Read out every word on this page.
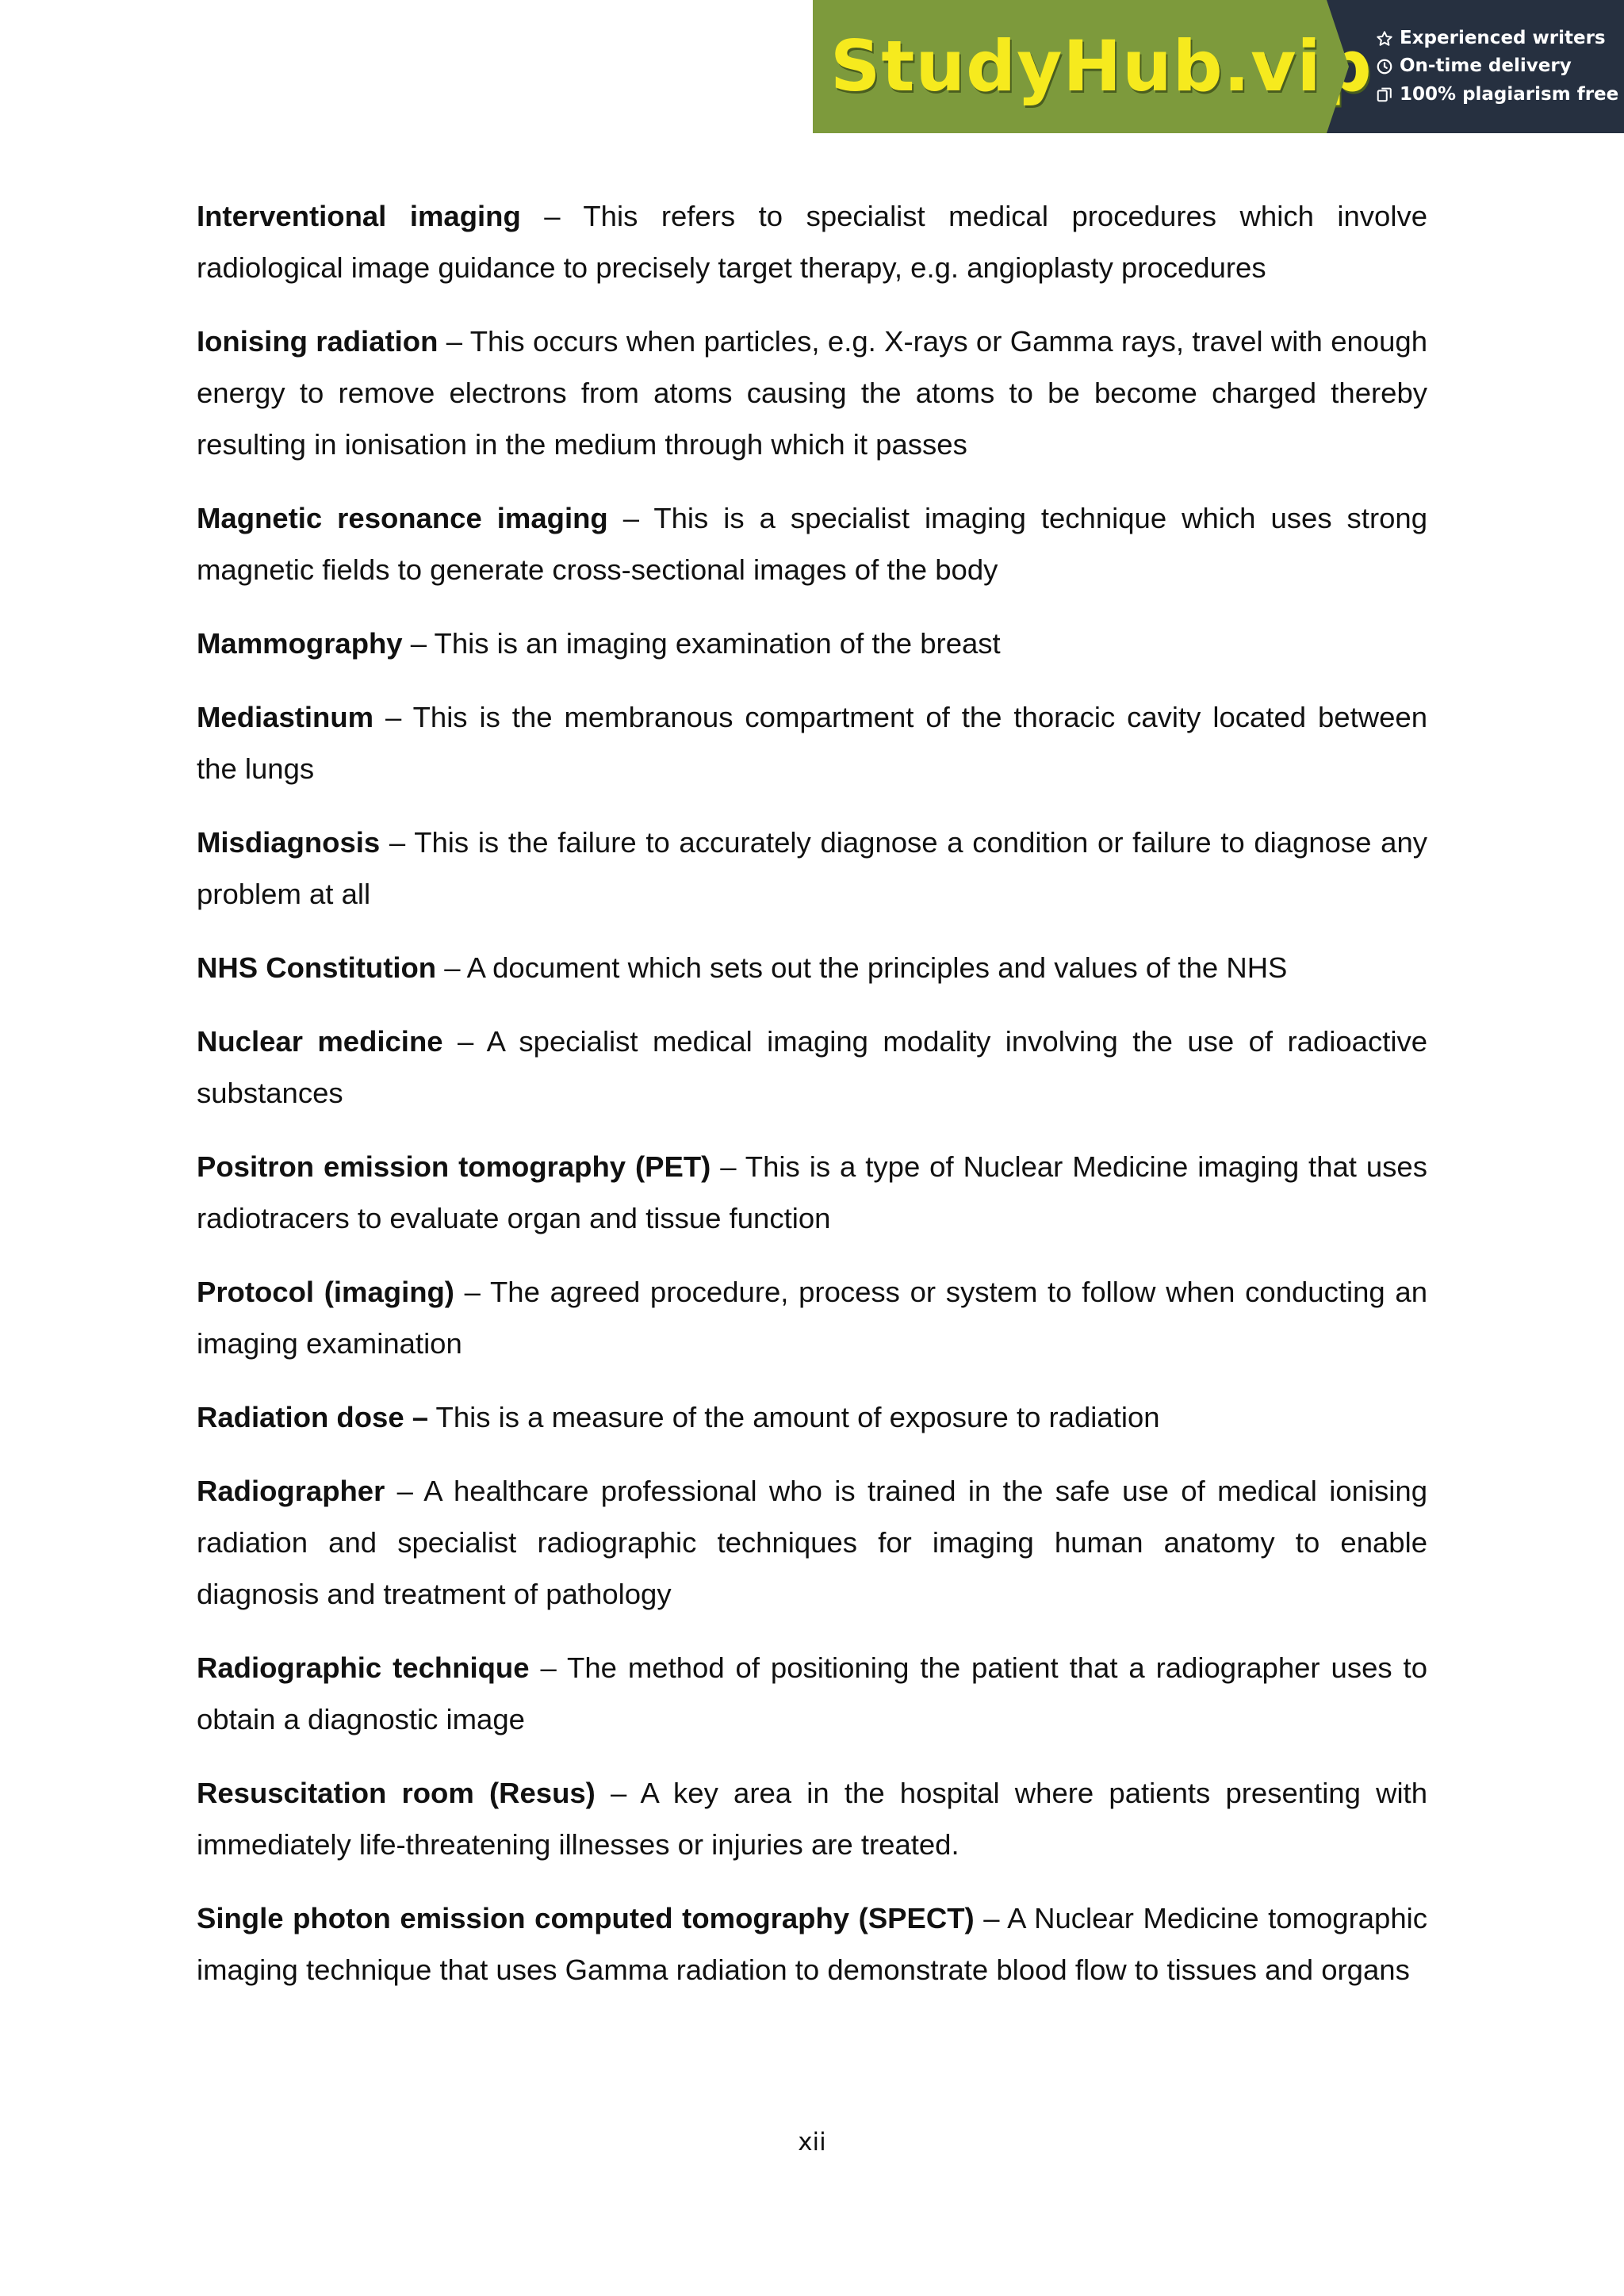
StudyHub.vip Experienced writers
On-time delivery
100% plagiarism free

Interventional imaging – This refers to specialist medical procedures which involve radiological image guidance to precisely target therapy, e.g. angioplasty procedures

Ionising radiation – This occurs when particles, e.g. X-rays or Gamma rays, travel with enough energy to remove electrons from atoms causing the atoms to be become charged thereby resulting in ionisation in the medium through which it passes

Magnetic resonance imaging – This is a specialist imaging technique which uses strong magnetic fields to generate cross-sectional images of the body

Mammography – This is an imaging examination of the breast

Mediastinum – This is the membranous compartment of the thoracic cavity located between the lungs

Misdiagnosis – This is the failure to accurately diagnose a condition or failure to diagnose any problem at all

NHS Constitution – A document which sets out the principles and values of the NHS

Nuclear medicine – A specialist medical imaging modality involving the use of radioactive substances

Positron emission tomography (PET) – This is a type of Nuclear Medicine imaging that uses radiotracers to evaluate organ and tissue function

Protocol (imaging) – The agreed procedure, process or system to follow when conducting an imaging examination

Radiation dose – This is a measure of the amount of exposure to radiation

Radiographer – A healthcare professional who is trained in the safe use of medical ionising radiation and specialist radiographic techniques for imaging human anatomy to enable diagnosis and treatment of pathology

Radiographic technique – The method of positioning the patient that a radiographer uses to obtain a diagnostic image

Resuscitation room (Resus) – A key area in the hospital where patients presenting with immediately life-threatening illnesses or injuries are treated.

Single photon emission computed tomography (SPECT) – A Nuclear Medicine tomographic imaging technique that uses Gamma radiation to demonstrate blood flow to tissues and organs

xii
